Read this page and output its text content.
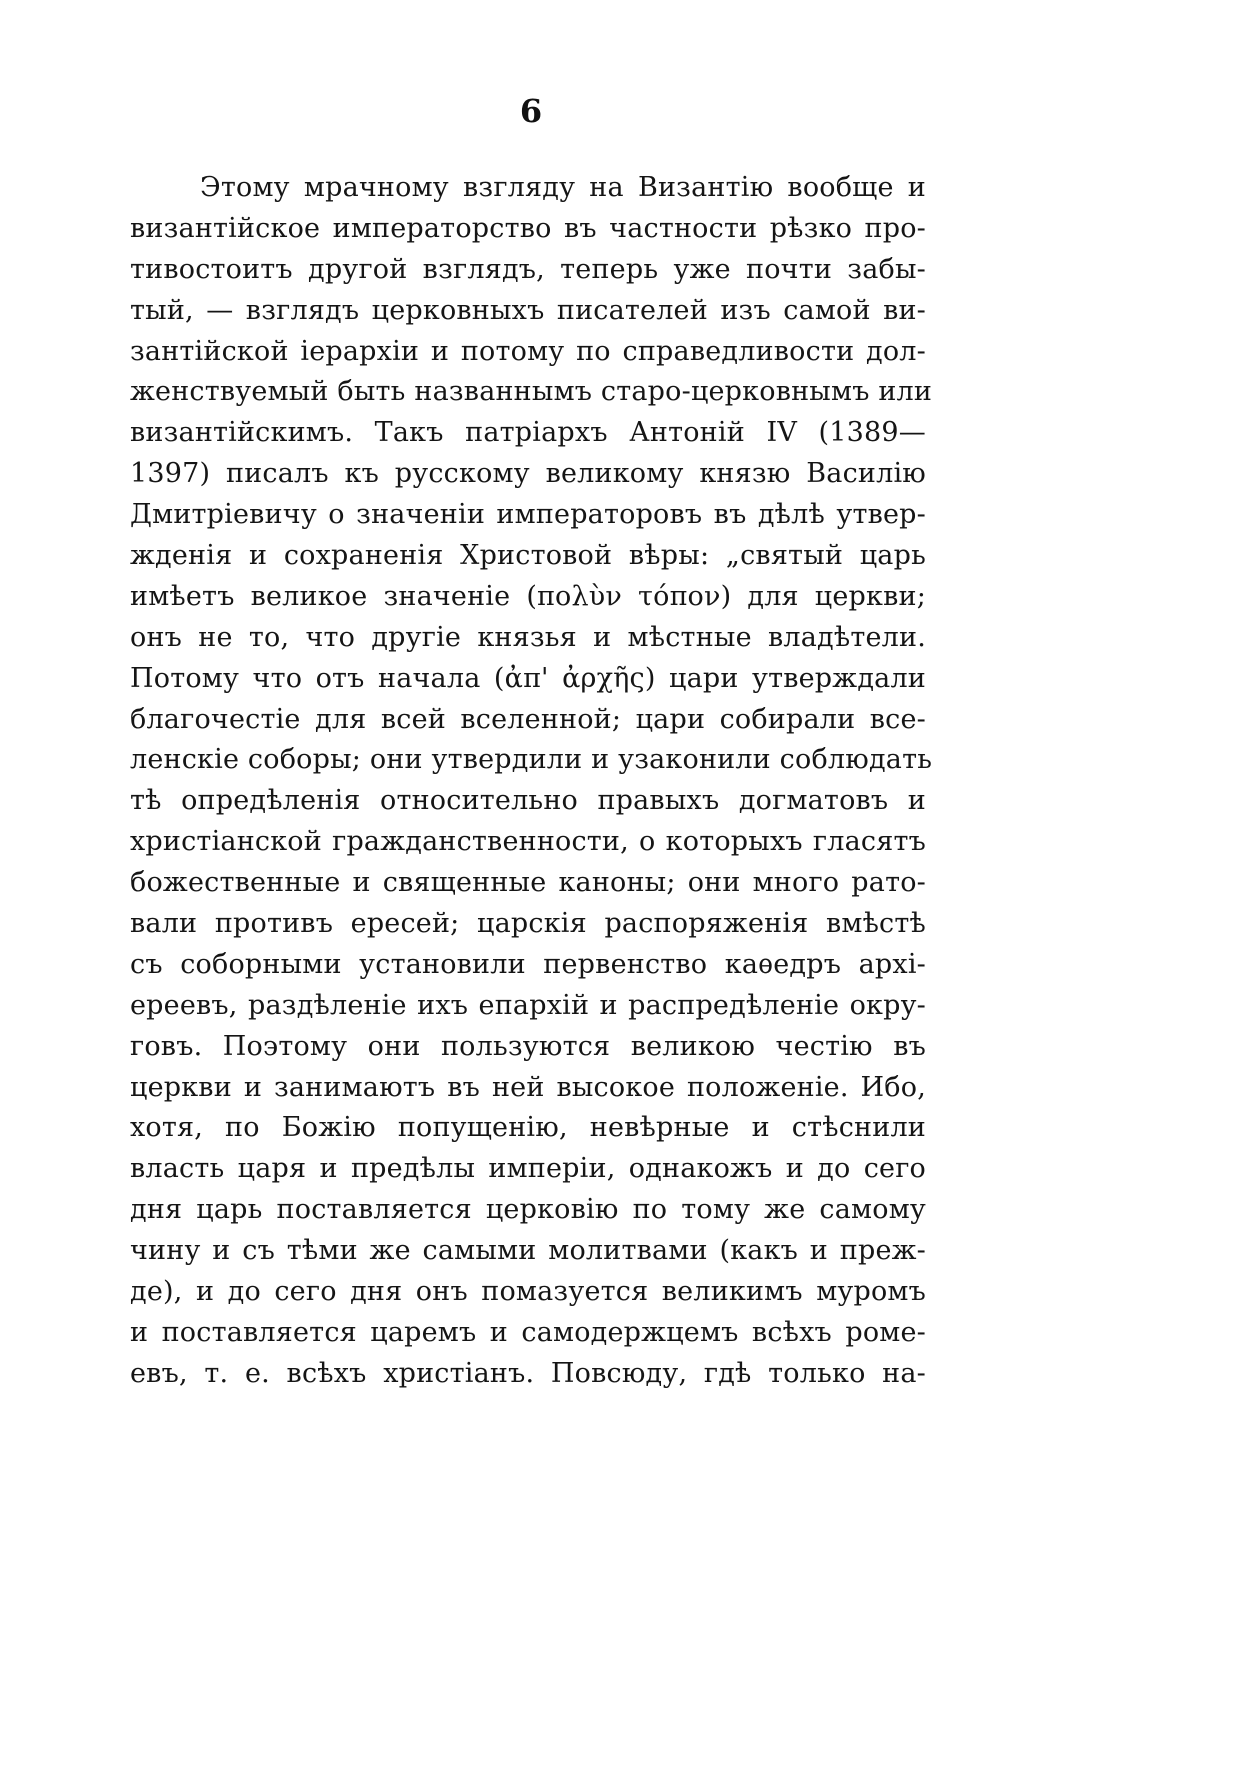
6
Этому мрачному взгляду на Византію вообще и
византійское императорство въ частности рѣзко про-
тивостоитъ другой взглядъ, теперь уже почти забы-
тый, — взглядъ церковныхъ писателей изъ самой ви-
зантійской іерархіи и потому по справедливости дол-
женствуемый быть названнымъ старо-церковнымъ или
византійскимъ. Такъ патріархъ Антоній IV (1389—
1397) писалъ къ русскому великому князю Василію
Дмитріевичу о значеніи императоровъ въ дѣлѣ утвер-
жденія и сохраненія Христовой вѣры: „святый царь
имѣетъ великое значеніе (πολὺν τόπον) для церкви;
онъ не то, что другіе князья и мѣстные владѣтели.
Потому что отъ начала (ἀπ' ἀρχῆς) цари утверждали
благочестіе для всей вселенной; цари собирали все-
ленскіе соборы; они утвердили и узаконили соблюдать
тѣ опредѣленія относительно правыхъ догматовъ и
христіанской гражданственности, о которыхъ гласятъ
божественные и священные каноны; они много рато-
вали противъ ересей; царскія распоряженія вмѣстѣ
съ соборными установили первенство каѳедръ архі-
ереевъ, раздѣленіе ихъ епархій и распредѣленіе окру-
говъ. Поэтому они пользуются великою честію въ
церкви и занимаютъ въ ней высокое положеніе. Ибо,
хотя, по Божію попущенію, невѣрные и стѣснили
власть царя и предѣлы имперіи, однакожъ и до сего
дня царь поставляется церковію по тому же самому
чину и съ тѣми же самыми молитвами (какъ и преж-
де), и до сего дня онъ помазуется великимъ муромъ
и поставляется царемъ и самодержцемъ всѣхъ роме-
евъ, т. е. всѣхъ христіанъ. Повсюду, гдѣ только на-
